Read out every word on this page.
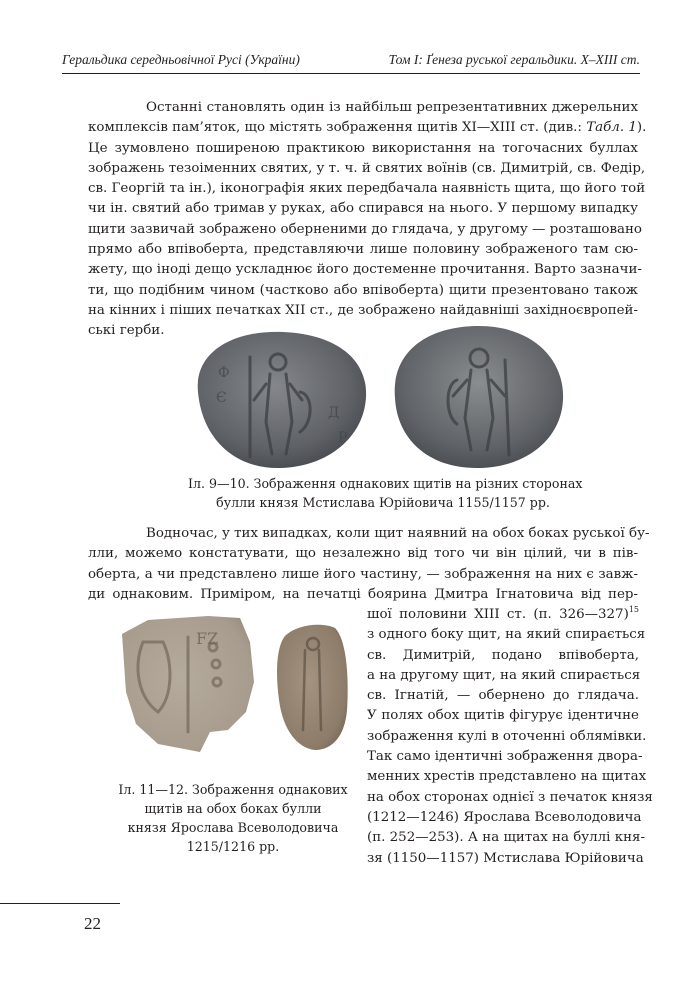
Геральдика середньовічної Русі (України)	Том І: Ґенеза руської геральдики. X–XIII ст.
Останні становлять один із найбільш репрезентативних джерельних
комплексів пам’яток, що містять зображення щитів XI—XIII ст. (див.: Табл. 1).
Це зумовлено поширеною практикою використання на тогочасних буллах
зображень тезоіменних святих, у т. ч. й святих воїнів (св. Димитрій, св. Федір,
св. Георгій та ін.), іконографія яких передбачала наявність щита, що його той
чи ін. святий або тримав у руках, або спирався на нього. У першому випадку
щити зазвичай зображено оберненими до глядача, у другому — розташовано
прямо або впівоберта, представляючи лише половину зображеного там сю-
жету, що іноді дещо ускладнює його достеменне прочитання. Варто зазначи-
ти, що подібним чином (частково або впівоберта) щити презентовано також
на кінних і піших печатках XII ст., де зображено найдавніші західноєвропей-
ські герби.
Ф
Є
Д
Р
Іл. 9—10. Зображення однакових щитів на різних сторонах
булли князя Мстислава Юрійовича 1155/1157 рр.
Водночас, у тих випадках, коли щит наявний на обох боках руської бу-
лли, можемо констатувати, що незалежно від того чи він цілий, чи в пів-
оберта, а чи представлено лише його частину, — зображення на них є завж-
ди однаковим. Приміром, на печатці боярина Дмитра Ігнатовича від пер-
FZ
Іл. 11—12. Зображення однакових
щитів на обох боках булли
князя Ярослава Всеволодовича
1215/1216 рр.
шої половини XIII ст. (п. 326—327)$^{15}$
з одного боку щит, на який спирається
св. Димитрій, подано впівоберта,
а на другому щит, на який спирається
св. Ігнатій, — обернено до глядача.
У полях обох щитів фігурує ідентичне
зображення кулі в оточенні облямівки.
Так само ідентичні зображення двора-
менних хрестів представлено на щитах
на обох сторонах однієї з печаток князя
(1212—1246) Ярослава Всеволодовича
(п. 252—253). А на щитах на буллі кня-
зя (1150—1157) Мстислава Юрійовича
22
